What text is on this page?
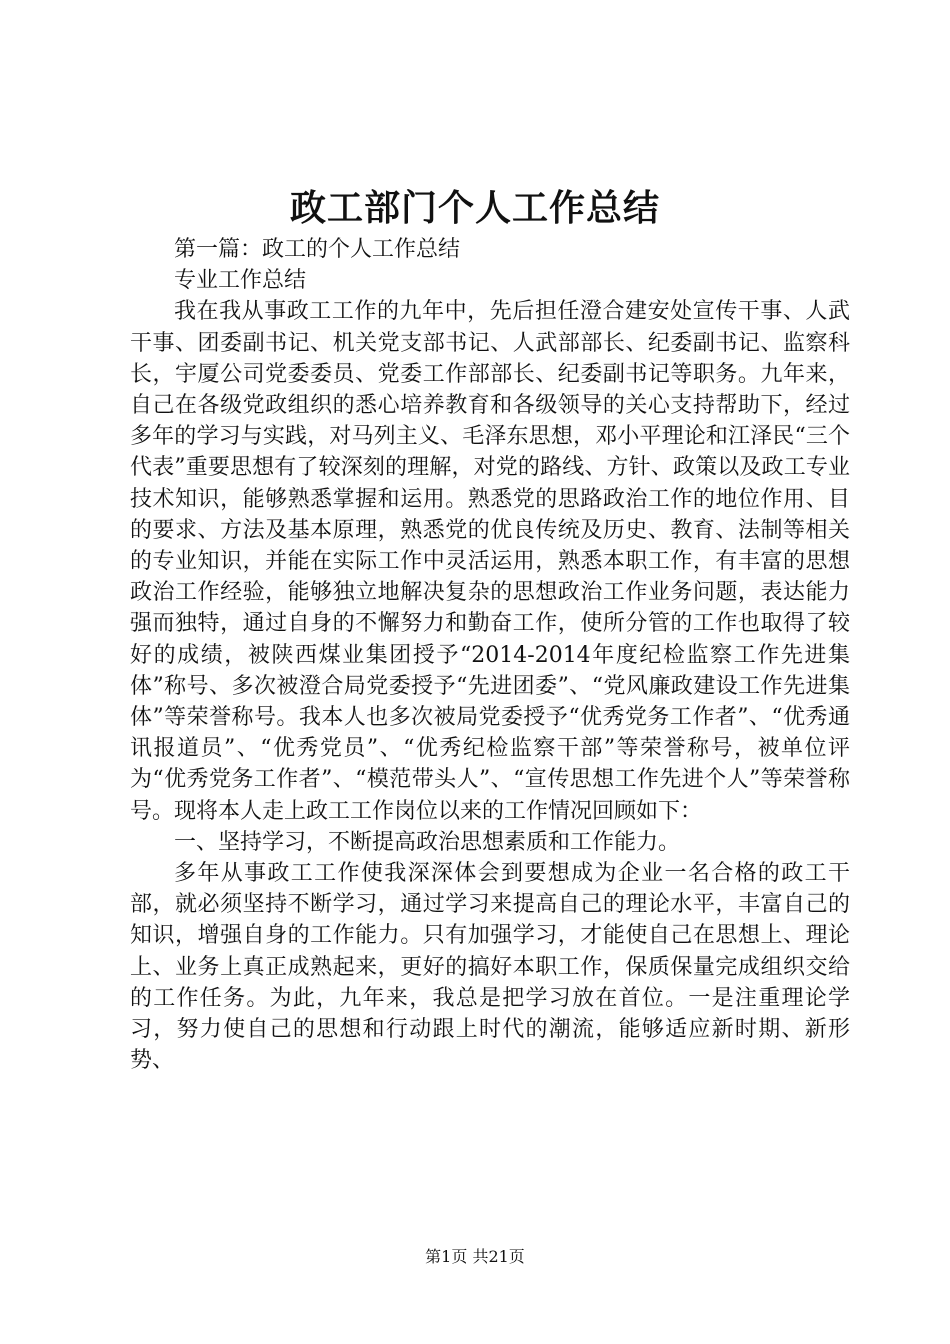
政工部门个人工作总结

第一篇：政工的个人工作总结

专业工作总结

我在我从事政工工作的九年中，先后担任澄合建安处宣传干事、人武干事、团委副书记、机关党支部书记、人武部部长、纪委副书记、监察科长，宇厦公司党委委员、党委工作部部长、纪委副书记等职务。九年来，自己在各级党政组织的悉心培养教育和各级领导的关心支持帮助下，经过多年的学习与实践，对马列主义、毛泽东思想，邓小平理论和江泽民“三个代表”重要思想有了较深刻的理解，对党的路线、方针、政策以及政工专业技术知识，能够熟悉掌握和运用。熟悉党的思路政治工作的地位作用、目的要求、方法及基本原理，熟悉党的优良传统及历史、教育、法制等相关的专业知识，并能在实际工作中灵活运用，熟悉本职工作，有丰富的思想政治工作经验，能够独立地解决复杂的思想政治工作业务问题，表达能力强而独特，通过自身的不懈努力和勤奋工作，使所分管的工作也取得了较好的成绩，被陕西煤业集团授予“2014-2014年度纪检监察工作先进集体”称号、多次被澄合局党委授予“先进团委”、“党风廉政建设工作先进集体”等荣誉称号。我本人也多次被局党委授予“优秀党务工作者”、“优秀通讯报道员”、“优秀党员”、“优秀纪检监察干部”等荣誉称号，被单位评为“优秀党务工作者”、“模范带头人”、“宣传思想工作先进个人”等荣誉称号。现将本人走上政工工作岗位以来的工作情况回顾如下：

一、坚持学习，不断提高政治思想素质和工作能力。

多年从事政工工作使我深深体会到要想成为企业一名合格的政工干部，就必须坚持不断学习，通过学习来提高自己的理论水平，丰富自己的知识，增强自身的工作能力。只有加强学习，才能使自己在思想上、理论上、业务上真正成熟起来，更好的搞好本职工作，保质保量完成组织交给的工作任务。为此，九年来，我总是把学习放在首位。一是注重理论学习，努力使自己的思想和行动跟上时代的潮流，能够适应新时期、新形势、

第1页 共21页
